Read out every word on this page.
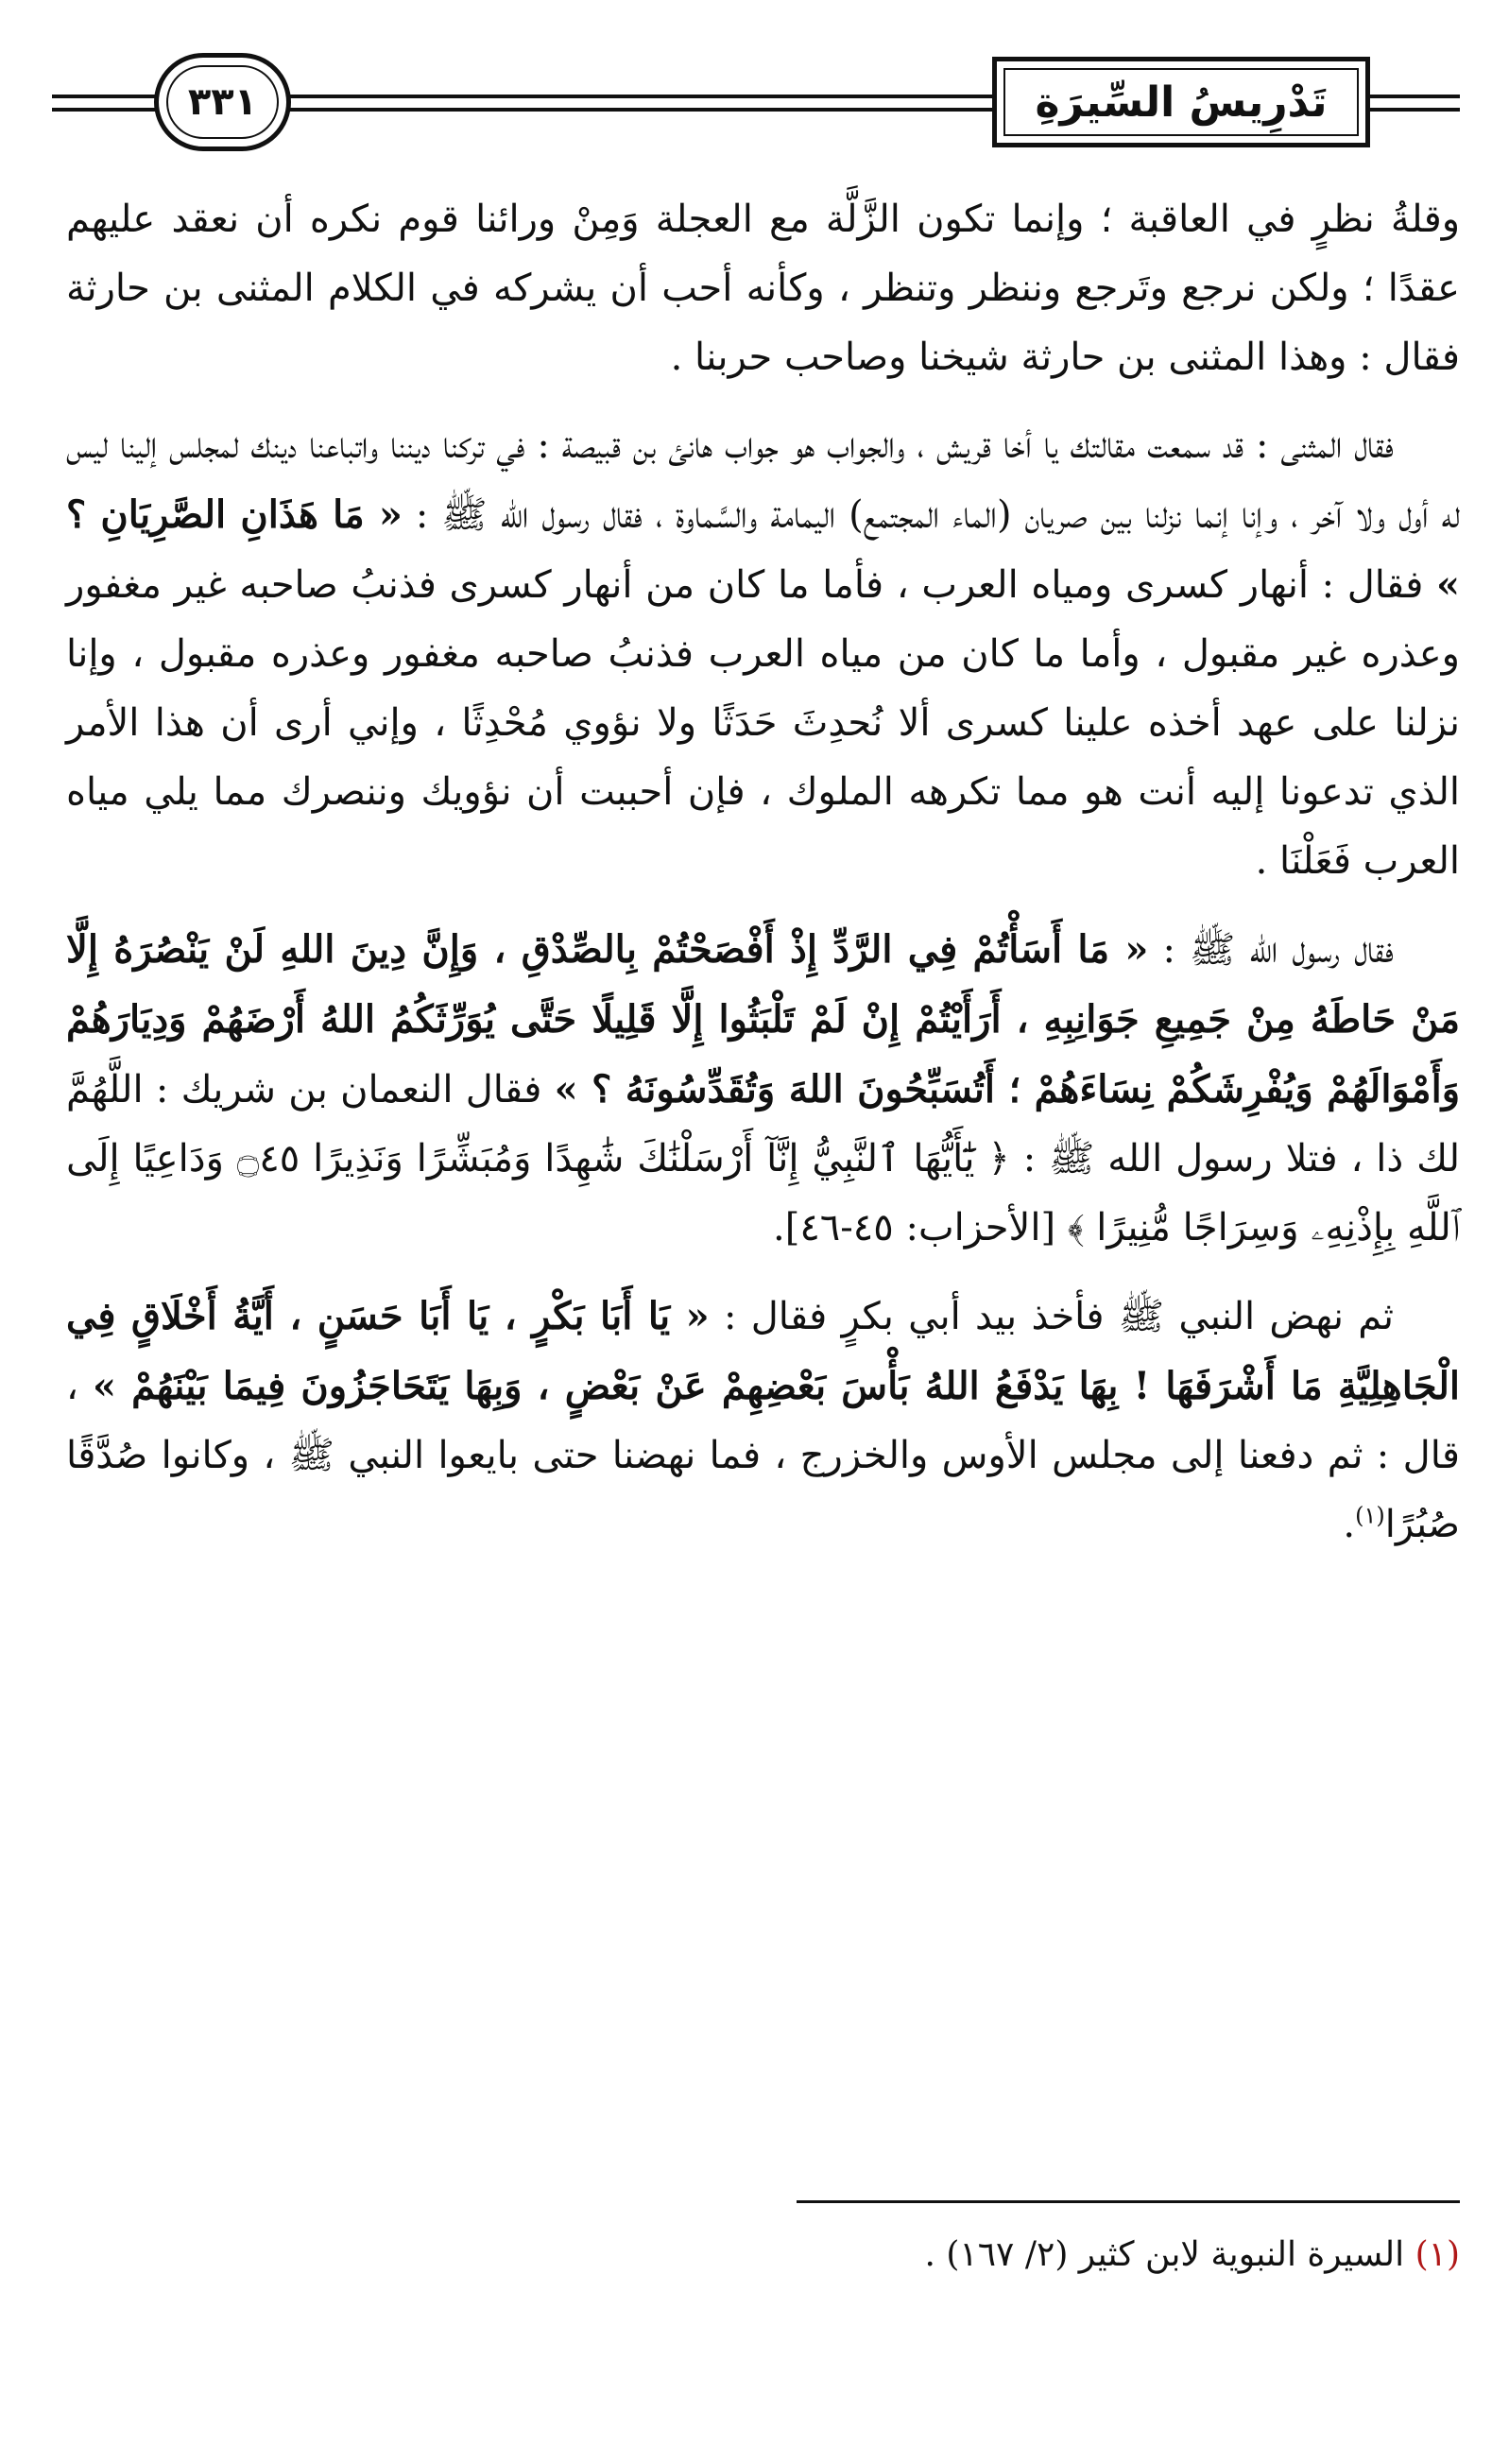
٣٣١	تَدْرِيسُ السِّيرَةِ

وقلةُ نظرٍ في العاقبة ؛ وإنما تكون الزَّلَّة مع العجلة وَمِنْ ورائنا قوم نكره أن نعقد عليهم عقدًا ؛ ولكن نرجع وتَرجع وننظر وتنظر ، وكأنه أحب أن يشركه في الكلام المثنى بن حارثة فقال : وهذا المثنى بن حارثة شيخنا وصاحب حربنا .

فقال المثنى : قد سمعت مقالتك يا أخا قريش ، والجواب هو جواب هانئ بن قبيصة : في تركنا ديننا واتباعنا دينك لمجلس إلينا ليس له أول ولا آخر ، وإنا إنما نزلنا بين صريان (الماء المجتمع) اليمامة والسَّماوة ، فقال رسول الله ﷺ : « مَا هَذَانِ الصَّرِيَانِ ؟ » فقال : أنهار كسرى ومياه العرب ، فأما ما كان من أنهار كسرى فذنبُ صاحبه غير مغفور وعذره غير مقبول ، وأما ما كان من مياه العرب فذنبُ صاحبه مغفور وعذره مقبول ، وإنا نزلنا على عهد أخذه علينا كسرى ألا نُحدِثَ حَدَثًا ولا نؤوي مُحْدِثًا ، وإني أرى أن هذا الأمر الذي تدعونا إليه أنت هو مما تكرهه الملوك ، فإن أحببت أن نؤويك وننصرك مما يلي مياه العرب فَعَلْنَا .

فقال رسول الله ﷺ : « مَا أَسَأْتُمْ فِي الرَّدِّ إِذْ أَفْصَحْتُمْ بِالصِّدْقِ ، وَإِنَّ دِينَ اللهِ لَنْ يَنْصُرَهُ إِلَّا مَنْ حَاطَهُ مِنْ جَمِيعِ جَوَانِبِهِ ، أَرَأَيْتُمْ إِنْ لَمْ تَلْبَثُوا إِلَّا قَلِيلًا حَتَّى يُوَرِّثَكُمُ اللهُ أَرْضَهُمْ وَدِيَارَهُمْ وَأَمْوَالَهُمْ وَيُفْرِشَكُمْ نِسَاءَهُمْ ؛ أَتُسَبِّحُونَ اللهَ وَتُقَدِّسُونَهُ ؟ » فقال النعمان بن شريك : اللَّهُمَّ لك ذا ، فتلا رسول الله ﷺ : ﴿ يَٰٓأَيُّهَا ٱلنَّبِيُّ إِنَّآ أَرْسَلْنَٰكَ شَٰهِدًا وَمُبَشِّرًا وَنَذِيرًا ۝٤٥ وَدَاعِيًا إِلَى ٱللَّهِ بِإِذْنِهِۦ وَسِرَاجًا مُّنِيرًا ﴾ [الأحزاب: ٤٥-٤٦].

ثم نهض النبي ﷺ فأخذ بيد أبي بكرٍ فقال : « يَا أَبَا بَكْرٍ ، يَا أَبَا حَسَنٍ ، أَيَّةُ أَخْلَاقٍ فِي الْجَاهِلِيَّةِ مَا أَشْرَفَهَا ! بِهَا يَدْفَعُ اللهُ بَأْسَ بَعْضِهِمْ عَنْ بَعْضٍ ، وَبِهَا يَتَحَاجَزُونَ فِيمَا بَيْنَهُمْ » ، قال : ثم دفعنا إلى مجلس الأوس والخزرج ، فما نهضنا حتى بايعوا النبي ﷺ ، وكانوا صُدَّقًا صُبُرًا$^{(١)}$.

(١) السيرة النبوية لابن كثير (٢/ ١٦٧) .
